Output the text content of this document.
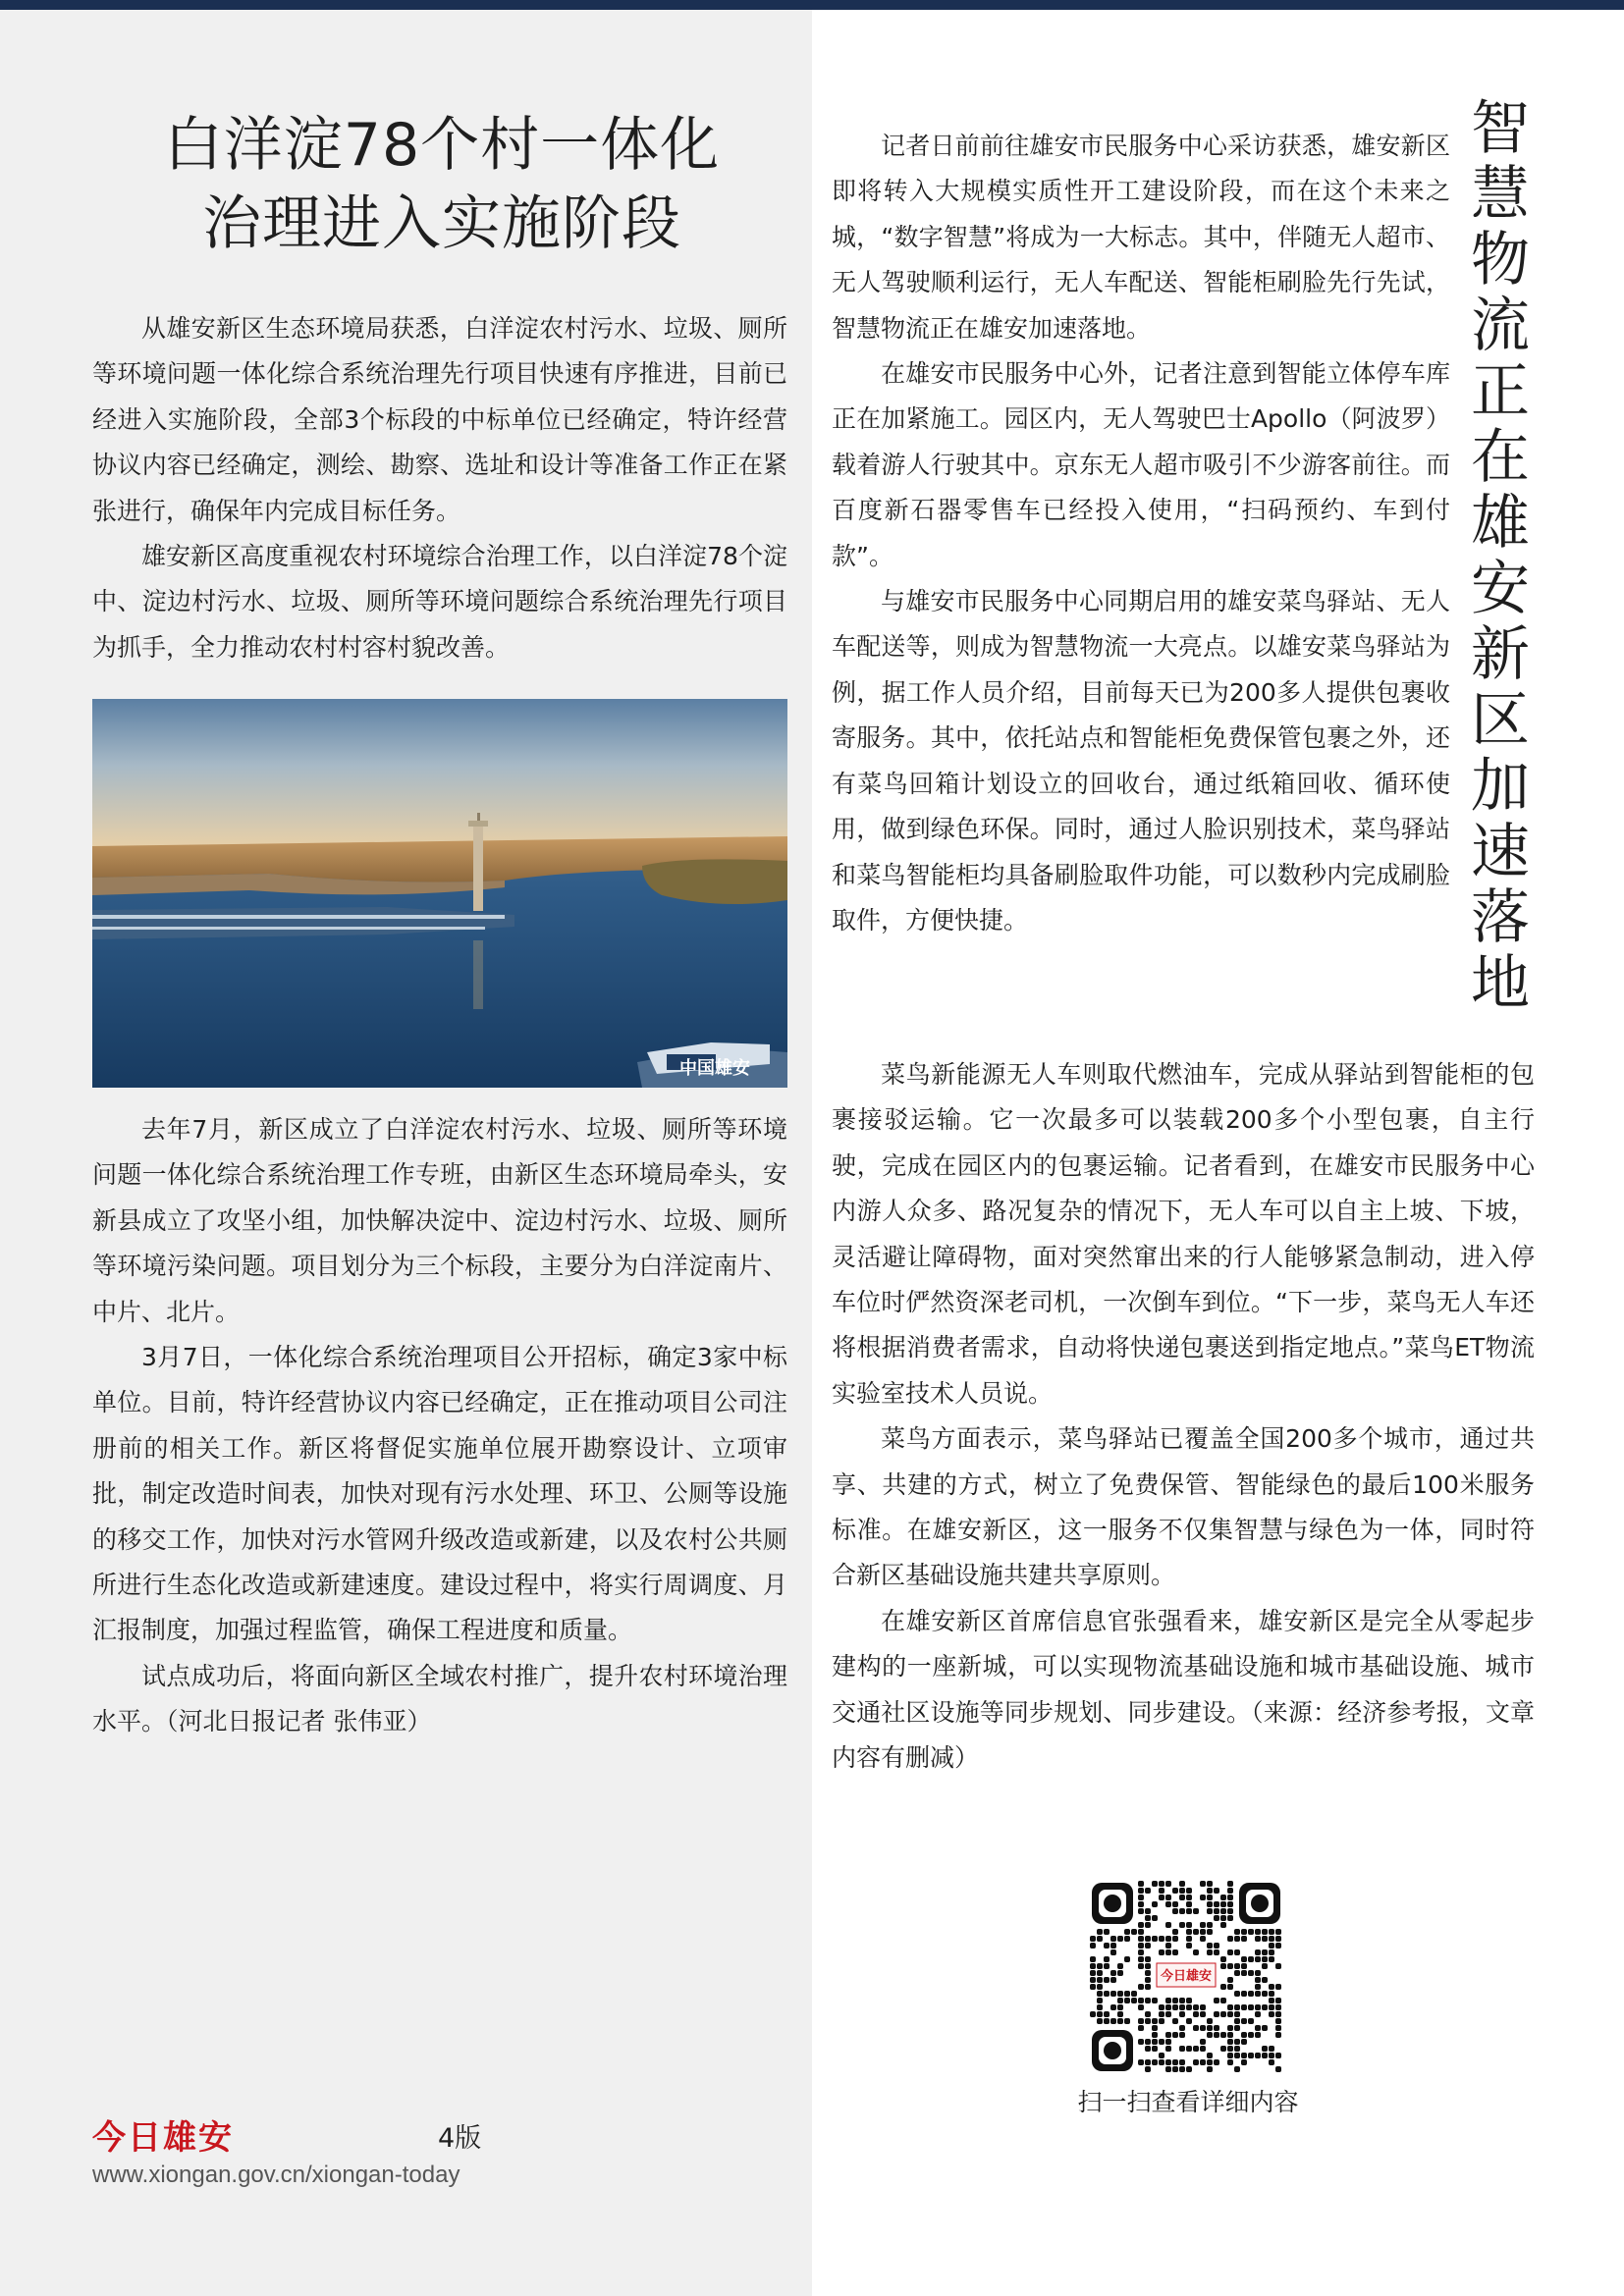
白洋淀78个村一体化
治理进入实施阶段

从雄安新区生态环境局获悉，白洋淀农村污水、垃圾、厕所等环境问题一体化综合系统治理先行项目快速有序推进，目前已经进入实施阶段，全部3个标段的中标单位已经确定，特许经营协议内容已经确定，测绘、勘察、选址和设计等准备工作正在紧张进行，确保年内完成目标任务。

雄安新区高度重视农村环境综合治理工作，以白洋淀78个淀中、淀边村污水、垃圾、厕所等环境问题综合系统治理先行项目为抓手，全力推动农村村容村貌改善。

中国雄安

去年7月，新区成立了白洋淀农村污水、垃圾、厕所等环境问题一体化综合系统治理工作专班，由新区生态环境局牵头，安新县成立了攻坚小组，加快解决淀中、淀边村污水、垃圾、厕所等环境污染问题。项目划分为三个标段，主要分为白洋淀南片、中片、北片。

3月7日，一体化综合系统治理项目公开招标，确定3家中标单位。目前，特许经营协议内容已经确定，正在推动项目公司注册前的相关工作。新区将督促实施单位展开勘察设计、立项审批，制定改造时间表，加快对现有污水处理、环卫、公厕等设施的移交工作，加快对污水管网升级改造或新建，以及农村公共厕所进行生态化改造或新建速度。建设过程中，将实行周调度、月汇报制度，加强过程监管，确保工程进度和质量。

试点成功后，将面向新区全域农村推广，提升农村环境治理水平。（河北日报记者 张伟亚）

记者日前前往雄安市民服务中心采访获悉，雄安新区即将转入大规模实质性开工建设阶段，而在这个未来之城，“数字智慧”将成为一大标志。其中，伴随无人超市、无人驾驶顺利运行，无人车配送、智能柜刷脸先行先试，智慧物流正在雄安加速落地。

在雄安市民服务中心外，记者注意到智能立体停车库正在加紧施工。园区内，无人驾驶巴士Apollo（阿波罗）载着游人行驶其中。京东无人超市吸引不少游客前往。而百度新石器零售车已经投入使用，“扫码预约、车到付款”。

与雄安市民服务中心同期启用的雄安菜鸟驿站、无人车配送等，则成为智慧物流一大亮点。以雄安菜鸟驿站为例，据工作人员介绍，目前每天已为200多人提供包裹收寄服务。其中，依托站点和智能柜免费保管包裹之外，还有菜鸟回箱计划设立的回收台，通过纸箱回收、循环使用，做到绿色环保。同时，通过人脸识别技术，菜鸟驿站和菜鸟智能柜均具备刷脸取件功能，可以数秒内完成刷脸取件，方便快捷。

智
慧
物
流
正
在
雄
安
新
区
加
速
落
地

菜鸟新能源无人车则取代燃油车，完成从驿站到智能柜的包裹接驳运输。它一次最多可以装载200多个小型包裹，自主行驶，完成在园区内的包裹运输。记者看到，在雄安市民服务中心内游人众多、路况复杂的情况下，无人车可以自主上坡、下坡，灵活避让障碍物，面对突然窜出来的行人能够紧急制动，进入停车位时俨然资深老司机，一次倒车到位。“下一步，菜鸟无人车还将根据消费者需求，自动将快递包裹送到指定地点。”菜鸟ET物流实验室技术人员说。

菜鸟方面表示，菜鸟驿站已覆盖全国200多个城市，通过共享、共建的方式，树立了免费保管、智能绿色的最后100米服务标准。在雄安新区，这一服务不仅集智慧与绿色为一体，同时符合新区基础设施共建共享原则。

在雄安新区首席信息官张强看来，雄安新区是完全从零起步建构的一座新城，可以实现物流基础设施和城市基础设施、城市交通社区设施等同步规划、同步建设。（来源：经济参考报，文章内容有删减）

今日雄安
扫一扫查看详细内容
今日雄安	4版
www.xiongan.gov.cn/xiongan-today
